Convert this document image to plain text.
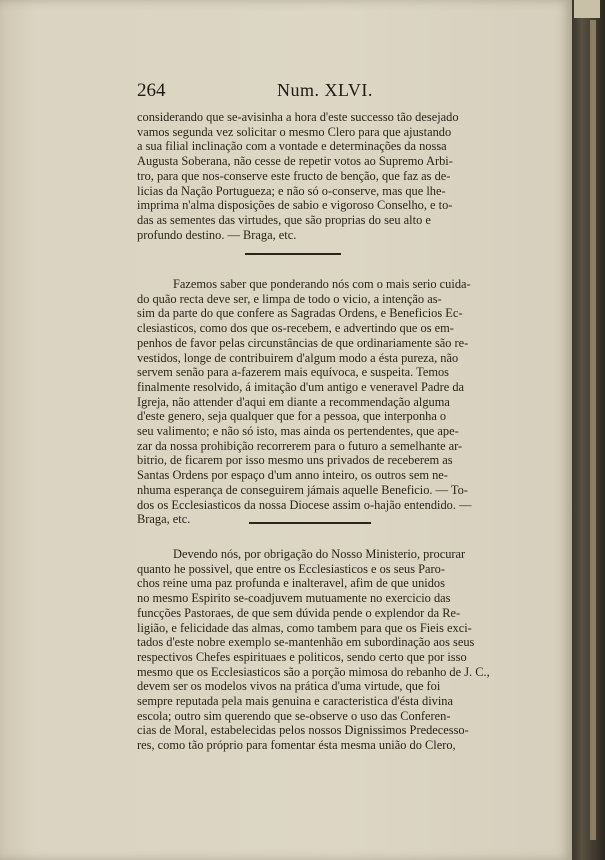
264	Num. XLVI.
considerando que se-avisinha a hora d'este successo tão desejado
vamos segunda vez solicitar o mesmo Clero para que ajustando
a sua filial inclinação com a vontade e determinações da nossa
Augusta Soberana, não cesse de repetir votos ao Supremo Arbi-
tro, para que nos-conserve este fructo de benção, que faz as de-
licias da Nação Portugueza; e não só o-conserve, mas que lhe-
imprima n'alma disposições de sabio e vigoroso Conselho, e to-
das as sementes das virtudes, que são proprias do seu alto e
profundo destino. — Braga, etc.
Fazemos saber que ponderando nós com o mais serio cuida-
do quão recta deve ser, e limpa de todo o vicio, a intenção as-
sim da parte do que confere as Sagradas Ordens, e Beneficios Ec-
clesiasticos, como dos que os-recebem, e advertindo que os em-
penhos de favor pelas circunstâncias de que ordinariamente são re-
vestidos, longe de contribuirem d'algum modo a ésta pureza, não
servem senão para a-fazerem mais equívoca, e suspeita. Temos
finalmente resolvido, á imitação d'um antigo e veneravel Padre da
Igreja, não attender d'aqui em diante a recommendação alguma
d'este genero, seja qualquer que for a pessoa, que interponha o
seu valimento; e não só isto, mas ainda os pertendentes, que ape-
zar da nossa prohibição recorrerem para o futuro a semelhante ar-
bitrio, de ficarem por isso mesmo uns privados de receberem as
Santas Ordens por espaço d'um anno inteiro, os outros sem ne-
nhuma esperança de conseguirem jámais aquelle Beneficio. — To-
dos os Ecclesiasticos da nossa Diocese assim o-hajão entendido. —
Braga, etc.
Devendo nós, por obrigação do Nosso Ministerio, procurar
quanto he possivel, que entre os Ecclesiasticos e os seus Paro-
chos reine uma paz profunda e inalteravel, afim de que unidos
no mesmo Espirito se-coadjuvem mutuamente no exercicio das
funcções Pastoraes, de que sem dúvida pende o explendor da Re-
ligião, e felicidade das almas, como tambem para que os Fieis exci-
tados d'este nobre exemplo se-mantenhão em subordinação aos seus
respectivos Chefes espirituaes e politicos, sendo certo que por isso
mesmo que os Ecclesiasticos são a porção mimosa do rebanho de J. C.,
devem ser os modelos vivos na prática d'uma virtude, que foi
sempre reputada pela mais genuina e caracteristica d'ésta divina
escola; outro sim querendo que se-observe o uso das Conferen-
cias de Moral, estabelecidas pelos nossos Dignissimos Predecesso-
res, como tão próprio para fomentar ésta mesma união do Clero,
